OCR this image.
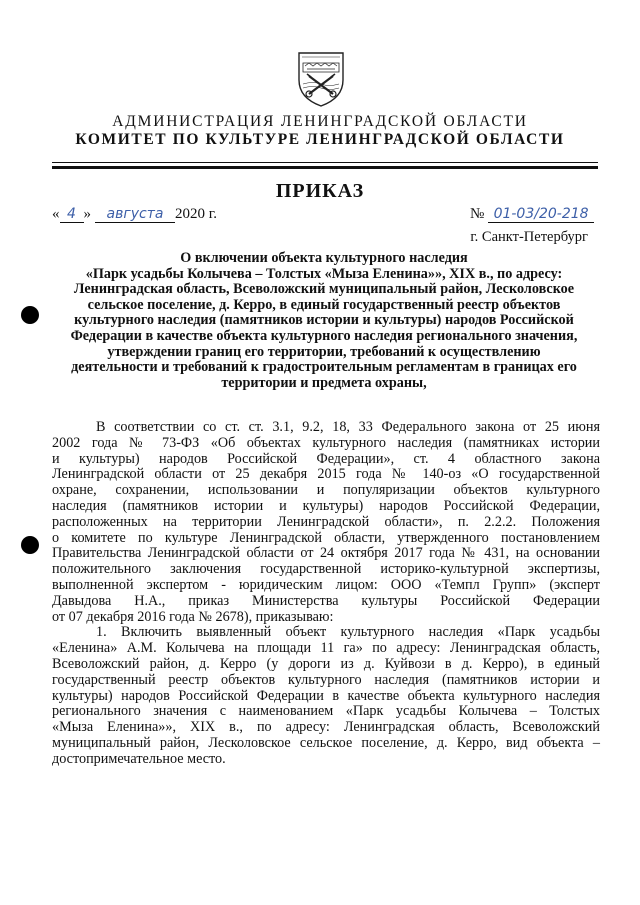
АДМИНИСТРАЦИЯ ЛЕНИНГРАДСКОЙ ОБЛАСТИ
КОМИТЕТ ПО КУЛЬТУРЕ ЛЕНИНГРАДСКОЙ ОБЛАСТИ
ПРИКАЗ
« 4 » августа 2020 г.	№ 01-03/20-218
г. Санкт-Петербург
О включении объекта культурного наследия
«Парк усадьбы Колычева – Толстых «Мыза Еленина»», XIX в., по адресу:
Ленинградская область, Всеволожский муниципальный район, Лесколовское
сельское поселение, д. Керро, в единый государственный реестр объектов
культурного наследия (памятников истории и культуры) народов Российской
Федерации в качестве объекта культурного наследия регионального значения,
утверждении границ его территории, требований к осуществлению
деятельности и требований к градостроительным регламентам в границах его
территории и предмета охраны,
В соответствии со ст. ст. 3.1, 9.2, 18, 33 Федерального закона от 25 июня
2002 года № 73-ФЗ «Об объектах культурного наследия (памятниках истории
и культуры) народов Российской Федерации», ст. 4 областного закона
Ленинградской области от 25 декабря 2015 года № 140-оз «О государственной
охране, сохранении, использовании и популяризации объектов культурного
наследия (памятников истории и культуры) народов Российской Федерации,
расположенных на территории Ленинградской области», п. 2.2.2. Положения
о комитете по культуре Ленинградской области, утвержденного постановлением
Правительства Ленинградской области от 24 октября 2017 года № 431, на основании
положительного заключения государственной историко-культурной экспертизы,
выполненной экспертом - юридическим лицом: ООО «Темпл Групп» (эксперт
Давыдова Н.А., приказ Министерства культуры Российской Федерации
от 07 декабря 2016 года № 2678), приказываю:
1. Включить выявленный объект культурного наследия «Парк усадьбы
«Еленина» А.М. Колычева на площади 11 га» по адресу: Ленинградская область,
Всеволожский район, д. Керро (у дороги из д. Куйвози в д. Керро), в единый
государственный реестр объектов культурного наследия (памятников истории и
культуры) народов Российской Федерации в качестве объекта культурного наследия
регионального значения с наименованием «Парк усадьбы Колычева – Толстых
«Мыза Еленина»», XIX в., по адресу: Ленинградская область, Всеволожский
муниципальный район, Лесколовское сельское поселение, д. Керро, вид объекта –
достопримечательное место.
